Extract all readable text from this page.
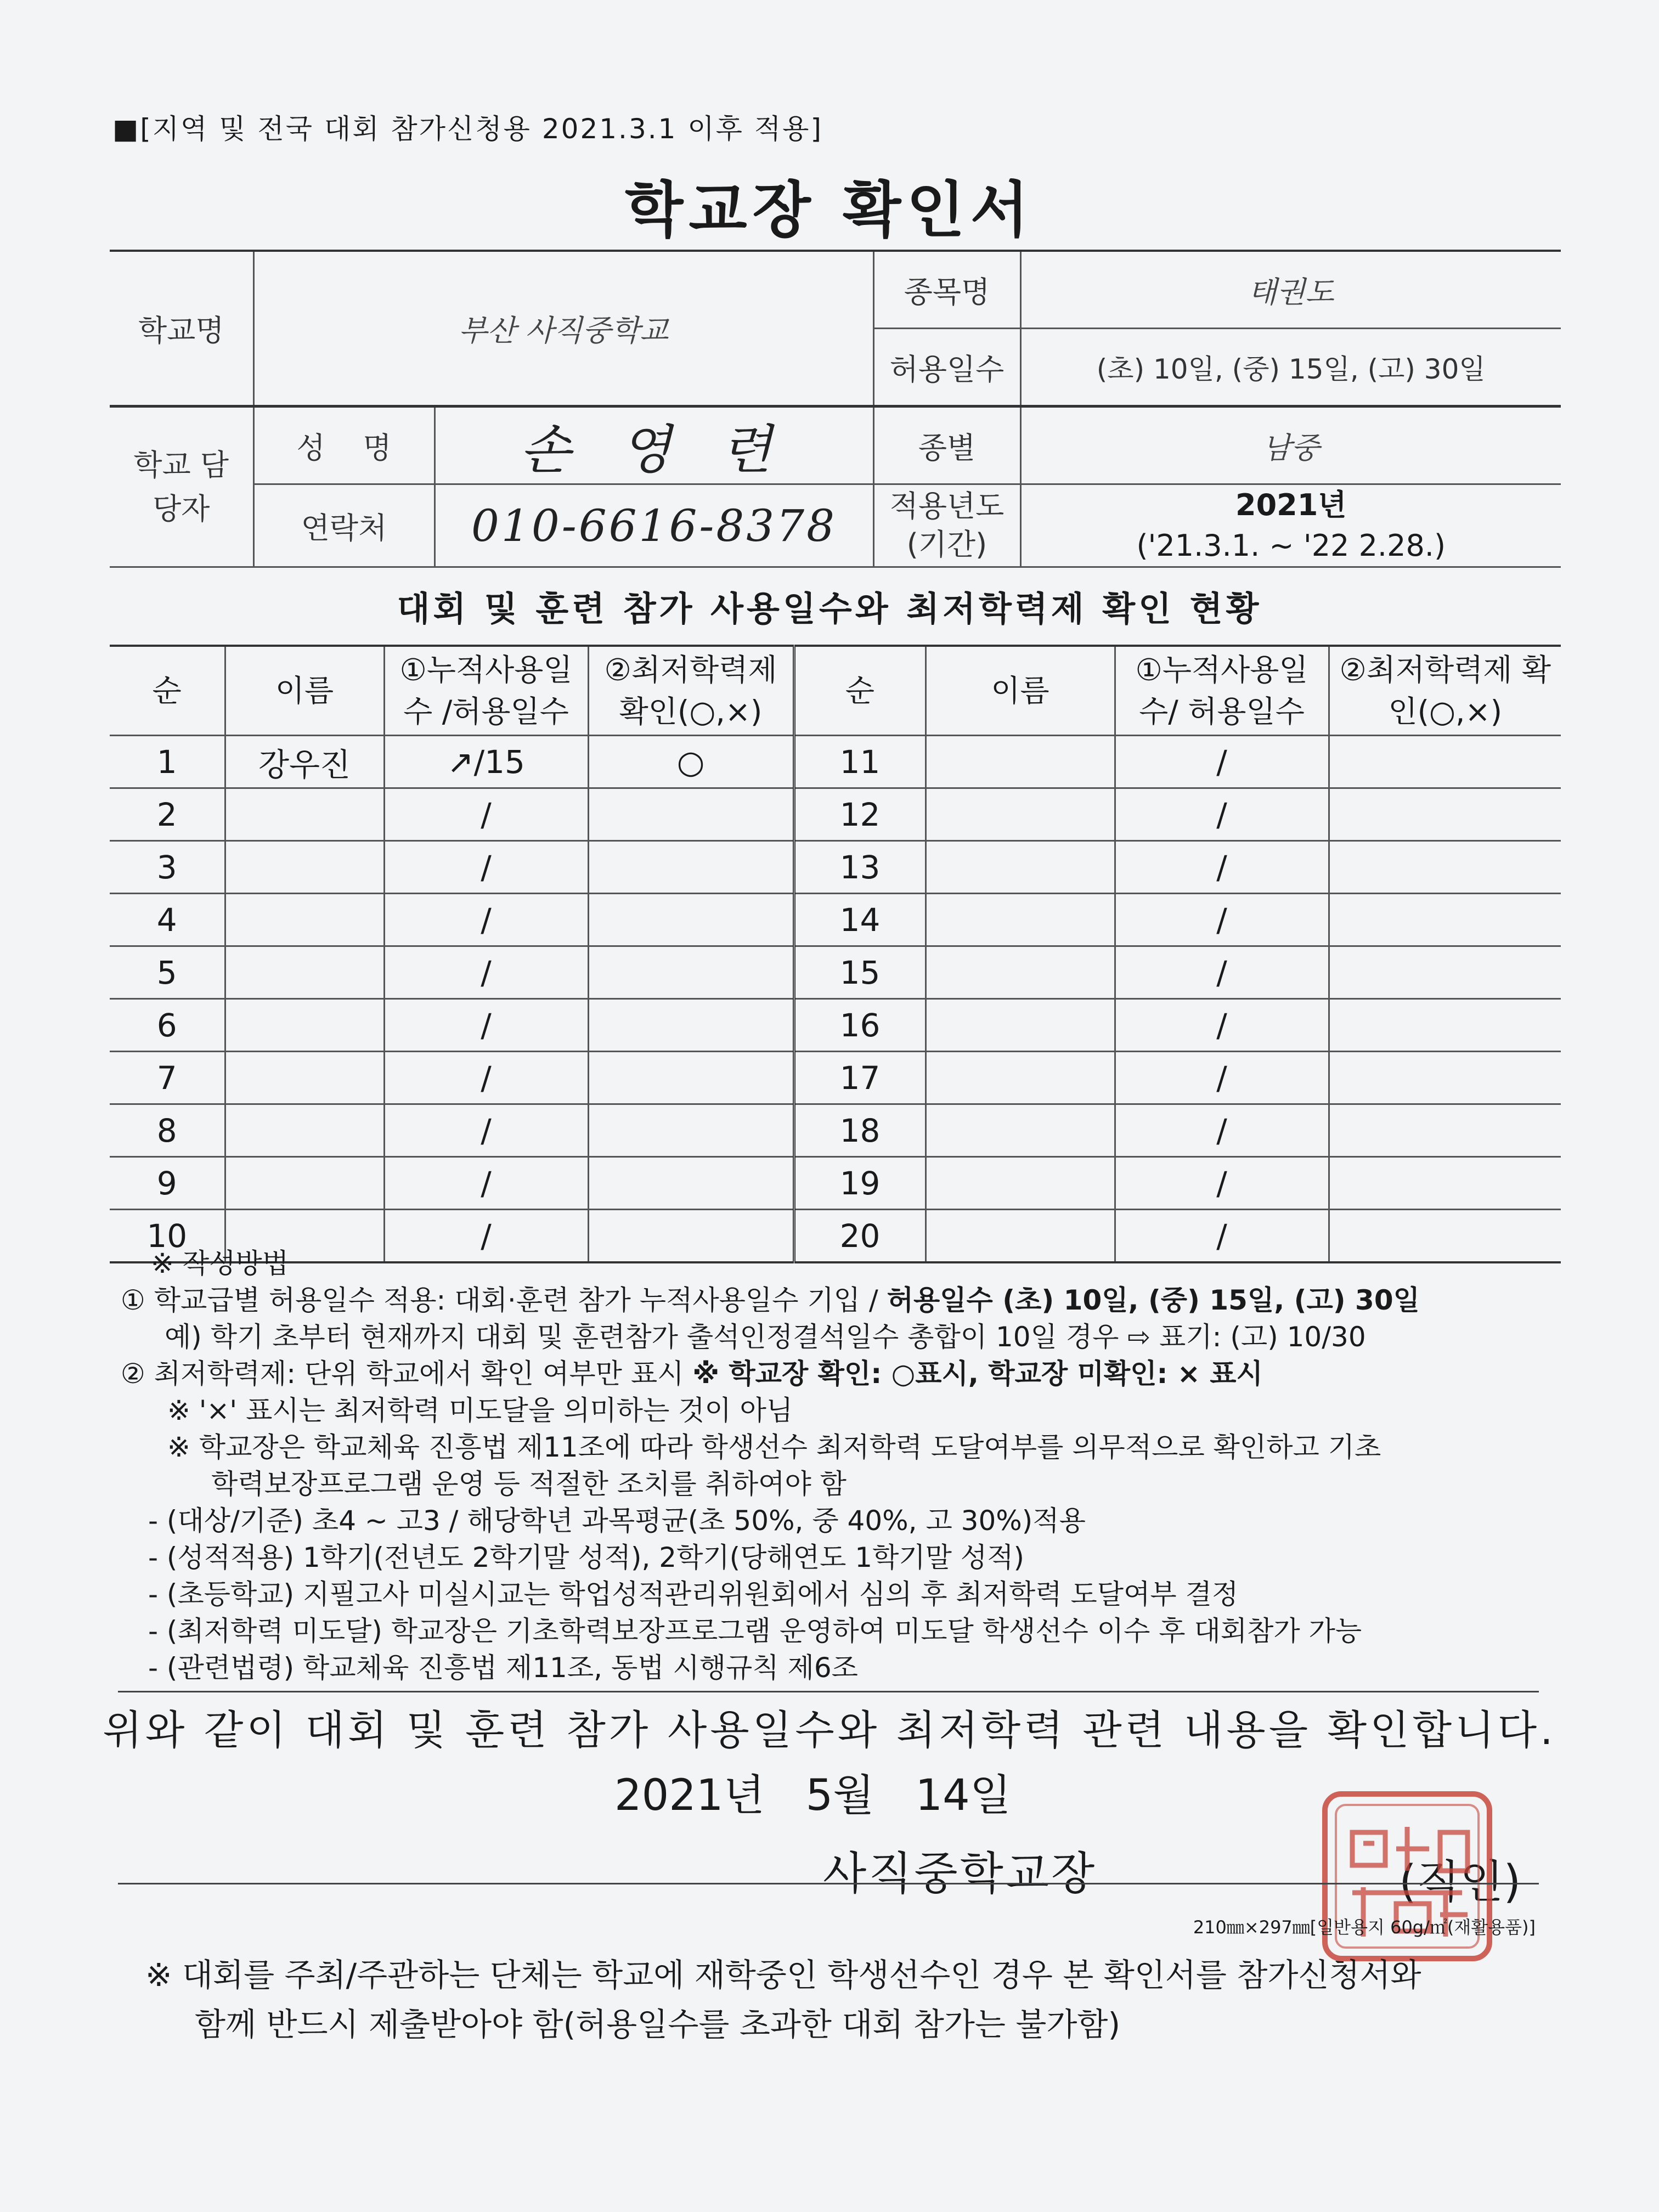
■[지역 및 전국 대회 참가신청용 2021.3.1 이후 적용]
학교장 확인서
학교명	부산 사직중학교		종목명	태권도
			허용일수	(초) 10일, (중) 15일, (고) 30일
학교 담당자	성    명	손 영 련	종별	남중
	연락처	010-6616-8378	적용년도 (기간)	2021년
('21.3.1. ~ '22 2.28.)
대회 및 훈련 참가 사용일수와 최저학력제 확인 현황
순	이름	①누적사용일수 /허용일수	②최저학력제 확인(○,×)	순	이름	①누적사용일수/ 허용일수	②최저학력제 확인(○,×)
1	강우진	↗/15	○	11		/	
2		/		12		/	
3		/		13		/	
4		/		14		/	
5		/		15		/	
6		/		16		/	
7		/		17		/	
8		/		18		/	
9		/		19		/	
10		/		20		/	
※ 작성방법
① 학교급별 허용일수 적용: 대회·훈련 참가 누적사용일수 기입 / 허용일수 (초) 10일, (중) 15일, (고) 30일
예) 학기 초부터 현재까지 대회 및 훈련참가 출석인정결석일수 총합이 10일 경우 ⇨ 표기: (고) 10/30
② 최저학력제: 단위 학교에서 확인 여부만 표시 ※ 학교장 확인: ○표시, 학교장 미확인: × 표시
※ '×' 표시는 최저학력 미도달을 의미하는 것이 아님
※ 학교장은 학교체육 진흥법 제11조에 따라 학생선수 최저학력 도달여부를 의무적으로 확인하고 기초
학력보장프로그램 운영 등 적절한 조치를 취하여야 함
- (대상/기준) 초4 ~ 고3 / 해당학년 과목평균(초 50%, 중 40%, 고 30%)적용
- (성적적용) 1학기(전년도 2학기말 성적), 2학기(당해연도 1학기말 성적)
- (초등학교) 지필고사 미실시교는 학업성적관리위원회에서 심의 후 최저학력 도달여부 결정
- (최저학력 미도달) 학교장은 기초학력보장프로그램 운영하여 미도달 학생선수 이수 후 대회참가 가능
- (관련법령) 학교체육 진흥법 제11조, 동법 시행규칙 제6조
위와 같이 대회 및 훈련 참가 사용일수와 최저학력 관련 내용을 확인합니다.
2021년 5월 14일
사직중학교장	(직인)
210㎜×297㎜[일반용지 60g/㎡(재활용품)]
※ 대회를 주최/주관하는 단체는 학교에 재학중인 학생선수인 경우 본 확인서를 참가신청서와
함께 반드시 제출받아야 함(허용일수를 초과한 대회 참가는 불가함)
